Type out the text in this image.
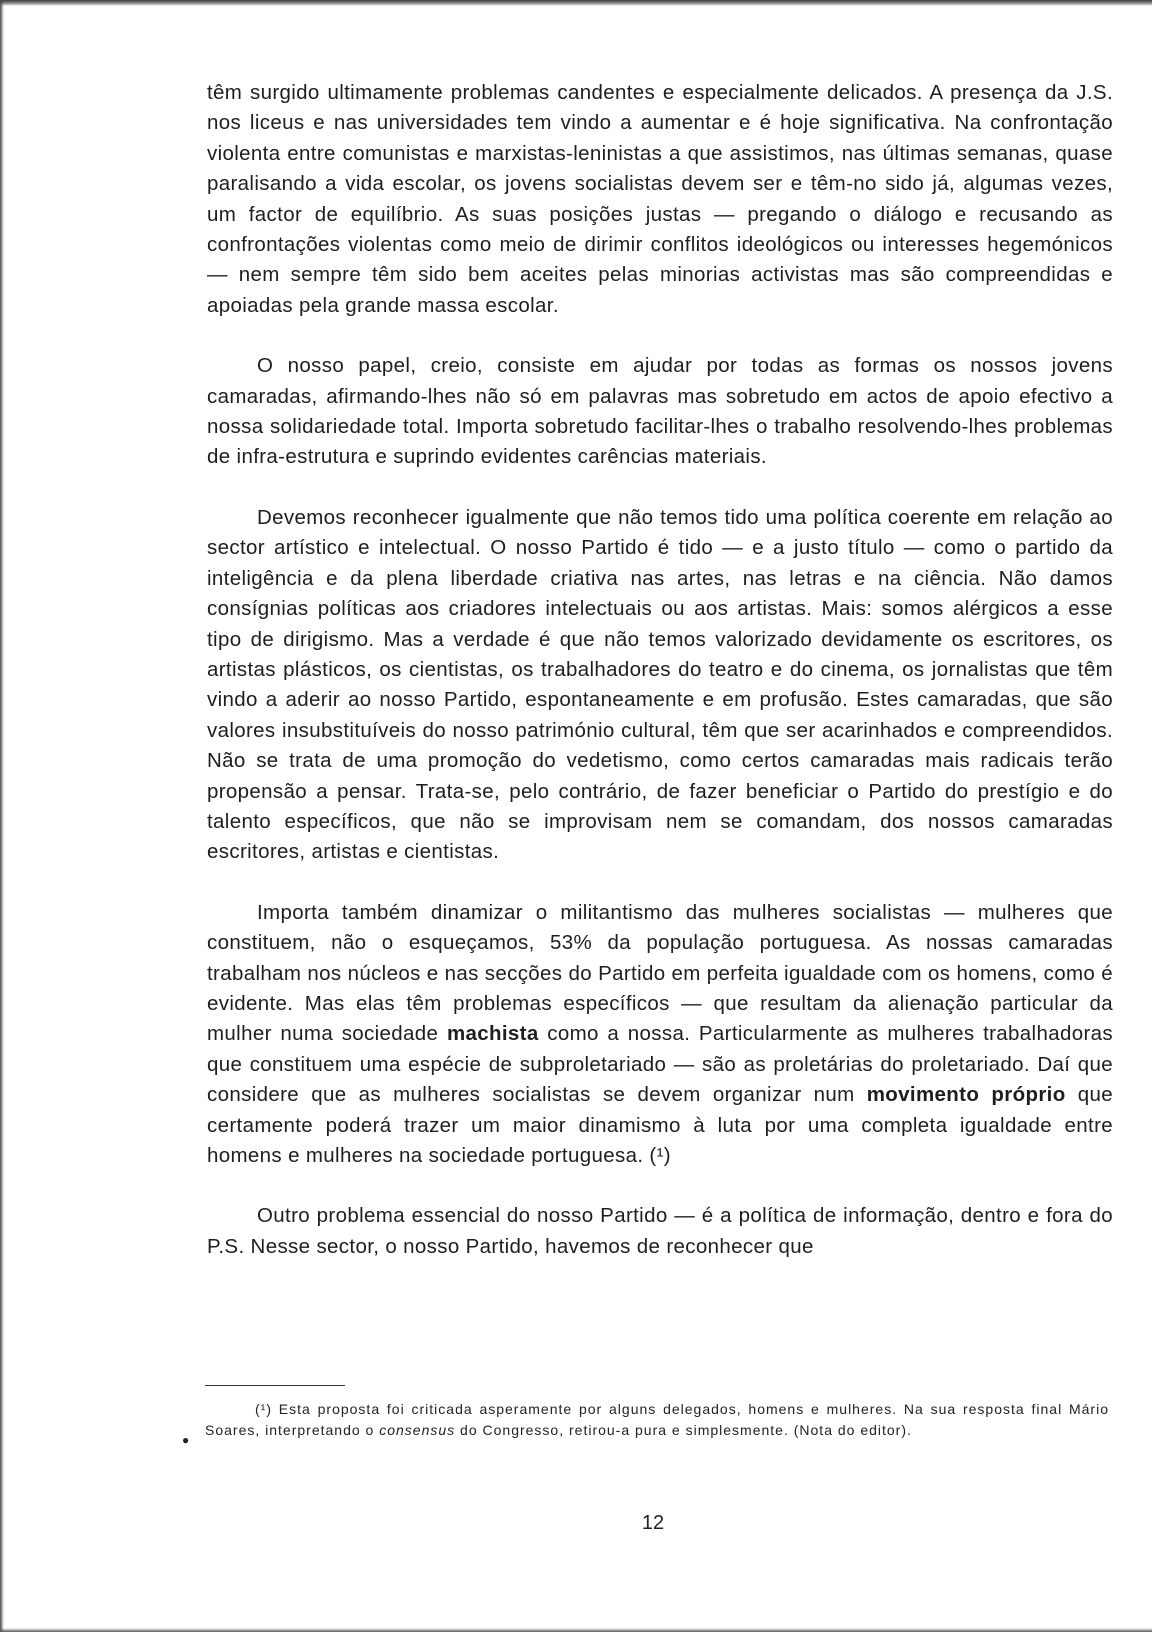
têm surgido ultimamente problemas candentes e especialmente delicados. A presença da J.S. nos liceus e nas universidades tem vindo a aumentar e é hoje significativa. Na confrontação violenta entre comunistas e marxistas-leninistas a que assistimos, nas últimas semanas, quase paralisando a vida escolar, os jovens socialistas devem ser e têm-no sido já, algumas vezes, um factor de equilíbrio. As suas posições justas — pregando o diálogo e recusando as confrontações violentas como meio de dirimir conflitos ideológicos ou interesses hegemónicos — nem sempre têm sido bem aceites pelas minorias activistas mas são compreendidas e apoiadas pela grande massa escolar.

O nosso papel, creio, consiste em ajudar por todas as formas os nossos jovens camaradas, afirmando-lhes não só em palavras mas sobretudo em actos de apoio efectivo a nossa solidariedade total. Importa sobretudo facilitar-lhes o trabalho resolvendo-lhes problemas de infra-estrutura e suprindo evidentes carências materiais.

Devemos reconhecer igualmente que não temos tido uma política coerente em relação ao sector artístico e intelectual. O nosso Partido é tido — e a justo título — como o partido da inteligência e da plena liberdade criativa nas artes, nas letras e na ciência. Não damos consígnias políticas aos criadores intelectuais ou aos artistas. Mais: somos alérgicos a esse tipo de dirigismo. Mas a verdade é que não temos valorizado devidamente os escritores, os artistas plásticos, os cientistas, os trabalhadores do teatro e do cinema, os jornalistas que têm vindo a aderir ao nosso Partido, espontaneamente e em profusão. Estes camaradas, que são valores insubstituíveis do nosso património cultural, têm que ser acarinhados e compreendidos. Não se trata de uma promoção do vedetismo, como certos camaradas mais radicais terão propensão a pensar. Trata-se, pelo contrário, de fazer beneficiar o Partido do prestígio e do talento específicos, que não se improvisam nem se comandam, dos nossos camaradas escritores, artistas e cientistas.

Importa também dinamizar o militantismo das mulheres socialistas — mulheres que constituem, não o esqueçamos, 53% da população portuguesa. As nossas camaradas trabalham nos núcleos e nas secções do Partido em perfeita igualdade com os homens, como é evidente. Mas elas têm problemas específicos — que resultam da alienação particular da mulher numa sociedade machista como a nossa. Particularmente as mulheres trabalhadoras que constituem uma espécie de subproletariado — são as proletárias do proletariado. Daí que considere que as mulheres socialistas se devem organizar num movimento próprio que certamente poderá trazer um maior dinamismo à luta por uma completa igualdade entre homens e mulheres na sociedade portuguesa. (¹)

Outro problema essencial do nosso Partido — é a política de informação, dentro e fora do P.S. Nesse sector, o nosso Partido, havemos de reconhecer que

(¹) Esta proposta foi criticada asperamente por alguns delegados, homens e mulheres. Na sua resposta final Mário Soares, interpretando o consensus do Congresso, retirou-a pura e simplesmente. (Nota do editor).

●
12
